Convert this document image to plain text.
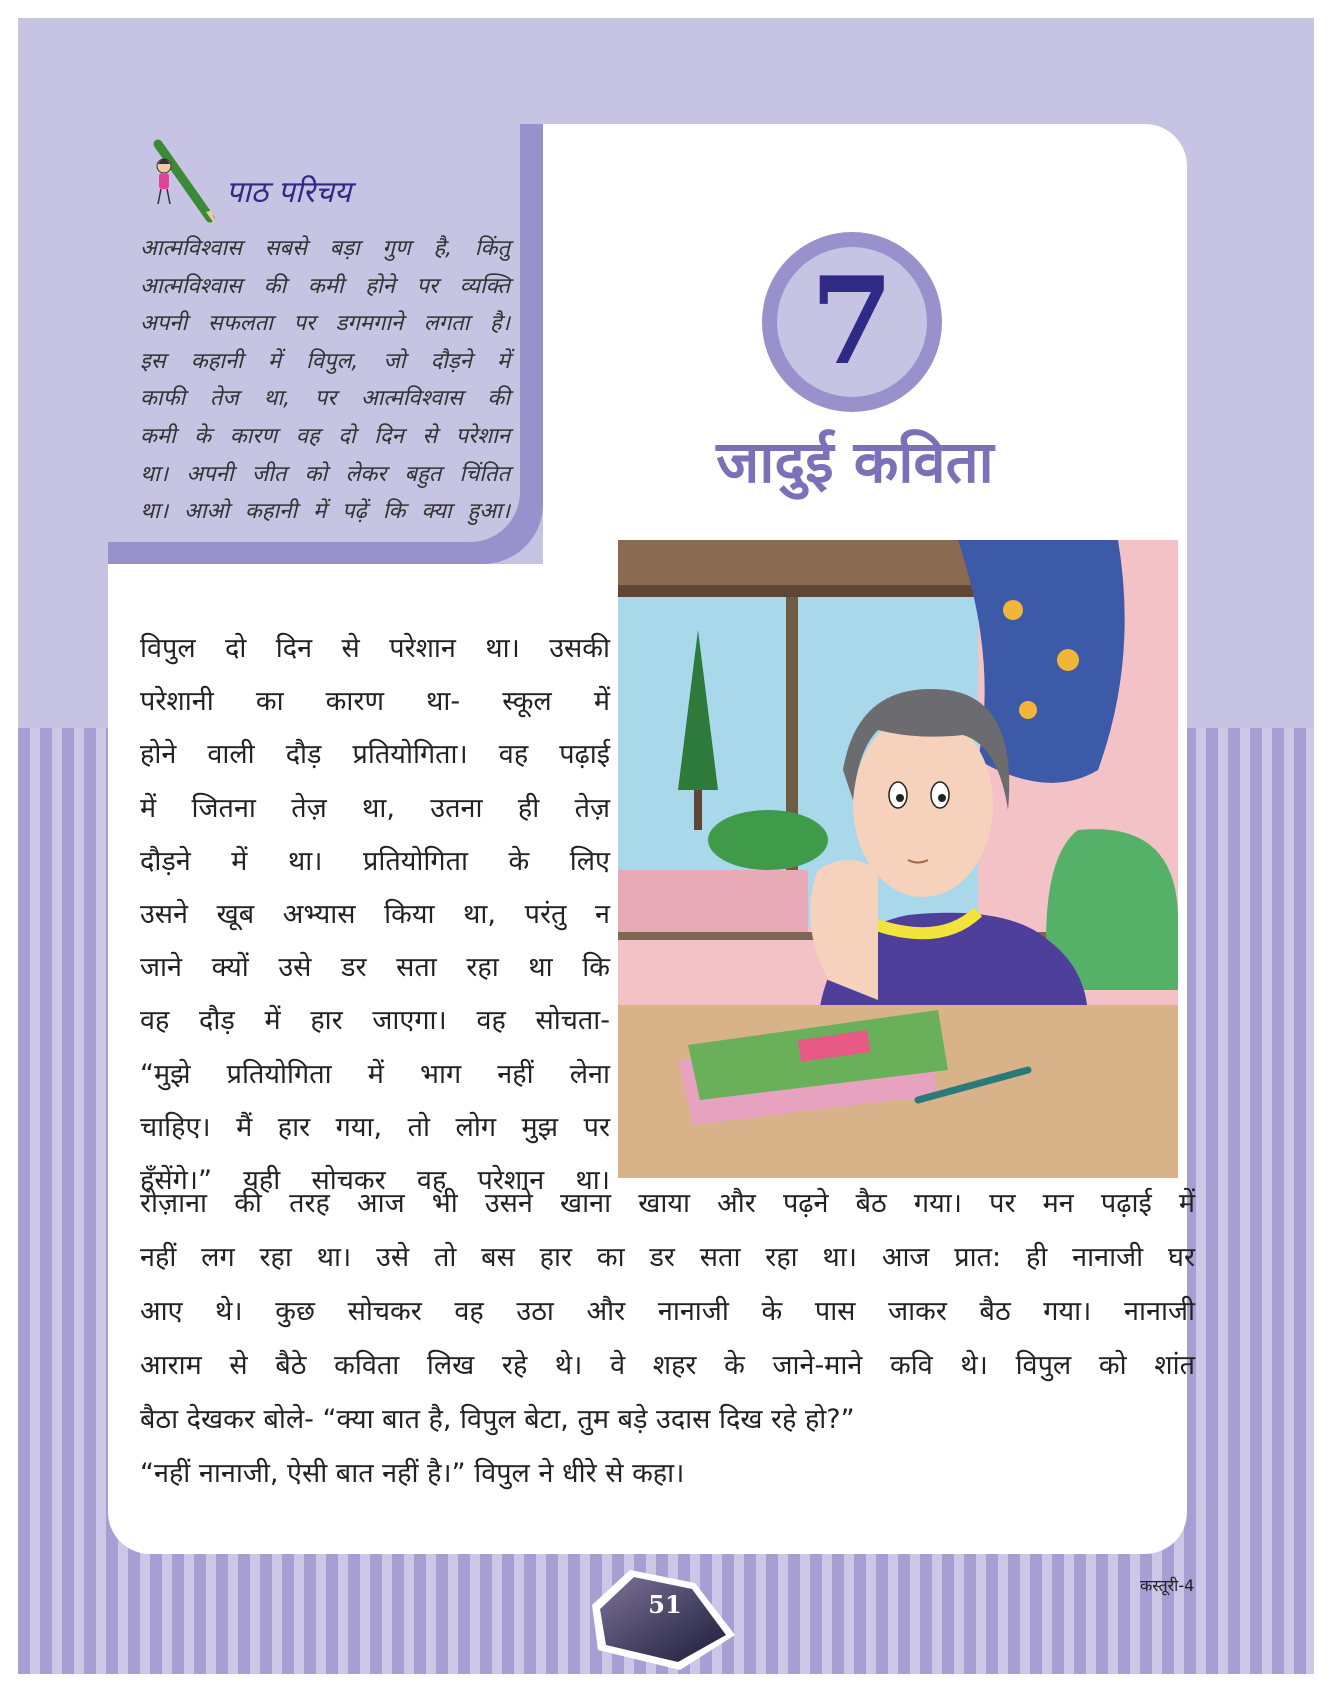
पाठ परिचय
आत्मविश्वास सबसे बड़ा गुण है, किंतु
आत्मविश्वास की कमी होने पर व्यक्ति
अपनी सफलता पर डगमगाने लगता है।
इस कहानी में विपुल, जो दौड़ने में
काफी तेज था, पर आत्मविश्वास की
कमी के कारण वह दो दिन से परेशान
था। अपनी जीत को लेकर बहुत चिंतित
था। आओ कहानी में पढ़ें कि क्या हुआ।
7
जादुई कविता
विपुल दो दिन से परेशान था। उसकी
परेशानी का कारण था- स्कूल में
होने वाली दौड़ प्रतियोगिता। वह पढ़ाई
में जितना तेज़ था, उतना ही तेज़
दौड़ने में था। प्रतियोगिता के लिए
उसने खूब अभ्यास किया था, परंतु न
जाने क्यों उसे डर सता रहा था कि
वह दौड़ में हार जाएगा। वह सोचता-
“मुझे प्रतियोगिता में भाग नहीं लेना
चाहिए। मैं हार गया, तो लोग मुझ पर
हँसेंगे।” यही सोचकर वह परेशान था।
रोज़ाना की तरह आज भी उसने खाना खाया और पढ़ने बैठ गया। पर मन पढ़ाई में
नहीं लग रहा था। उसे तो बस हार का डर सता रहा था। आज प्रात: ही नानाजी घर
आए थे। कुछ सोचकर वह उठा और नानाजी के पास जाकर बैठ गया। नानाजी
आराम से बैठे कविता लिख रहे थे। वे शहर के जाने-माने कवि थे। विपुल को शांत
बैठा देखकर बोले- “क्या बात है, विपुल बेटा, तुम बड़े उदास दिख रहे हो?”
“नहीं नानाजी, ऐसी बात नहीं है।” विपुल ने धीरे से कहा।
कस्तूरी-4
51
